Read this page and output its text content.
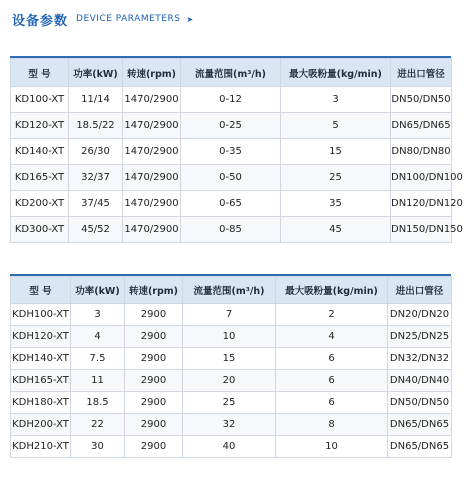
设备参数 DEVICE PARAMETERS ➤
型 号	功率(kW)	转速(rpm)	流量范围(m³/h)	最大吸粉量(kg/min)	进出口管径
KD100-XT	11/14	1470/2900	0-12	3	DN50/DN50
KD120-XT	18.5/22	1470/2900	0-25	5	DN65/DN65
KD140-XT	26/30	1470/2900	0-35	15	DN80/DN80
KD165-XT	32/37	1470/2900	0-50	25	DN100/DN100
KD200-XT	37/45	1470/2900	0-65	35	DN120/DN120
KD300-XT	45/52	1470/2900	0-85	45	DN150/DN150
型 号	功率(kW)	转速(rpm)	流量范围(m³/h)	最大吸粉量(kg/min)	进出口管径
KDH100-XT	3	2900	7	2	DN20/DN20
KDH120-XT	4	2900	10	4	DN25/DN25
KDH140-XT	7.5	2900	15	6	DN32/DN32
KDH165-XT	11	2900	20	6	DN40/DN40
KDH180-XT	18.5	2900	25	6	DN50/DN50
KDH200-XT	22	2900	32	8	DN65/DN65
KDH210-XT	30	2900	40	10	DN65/DN65
